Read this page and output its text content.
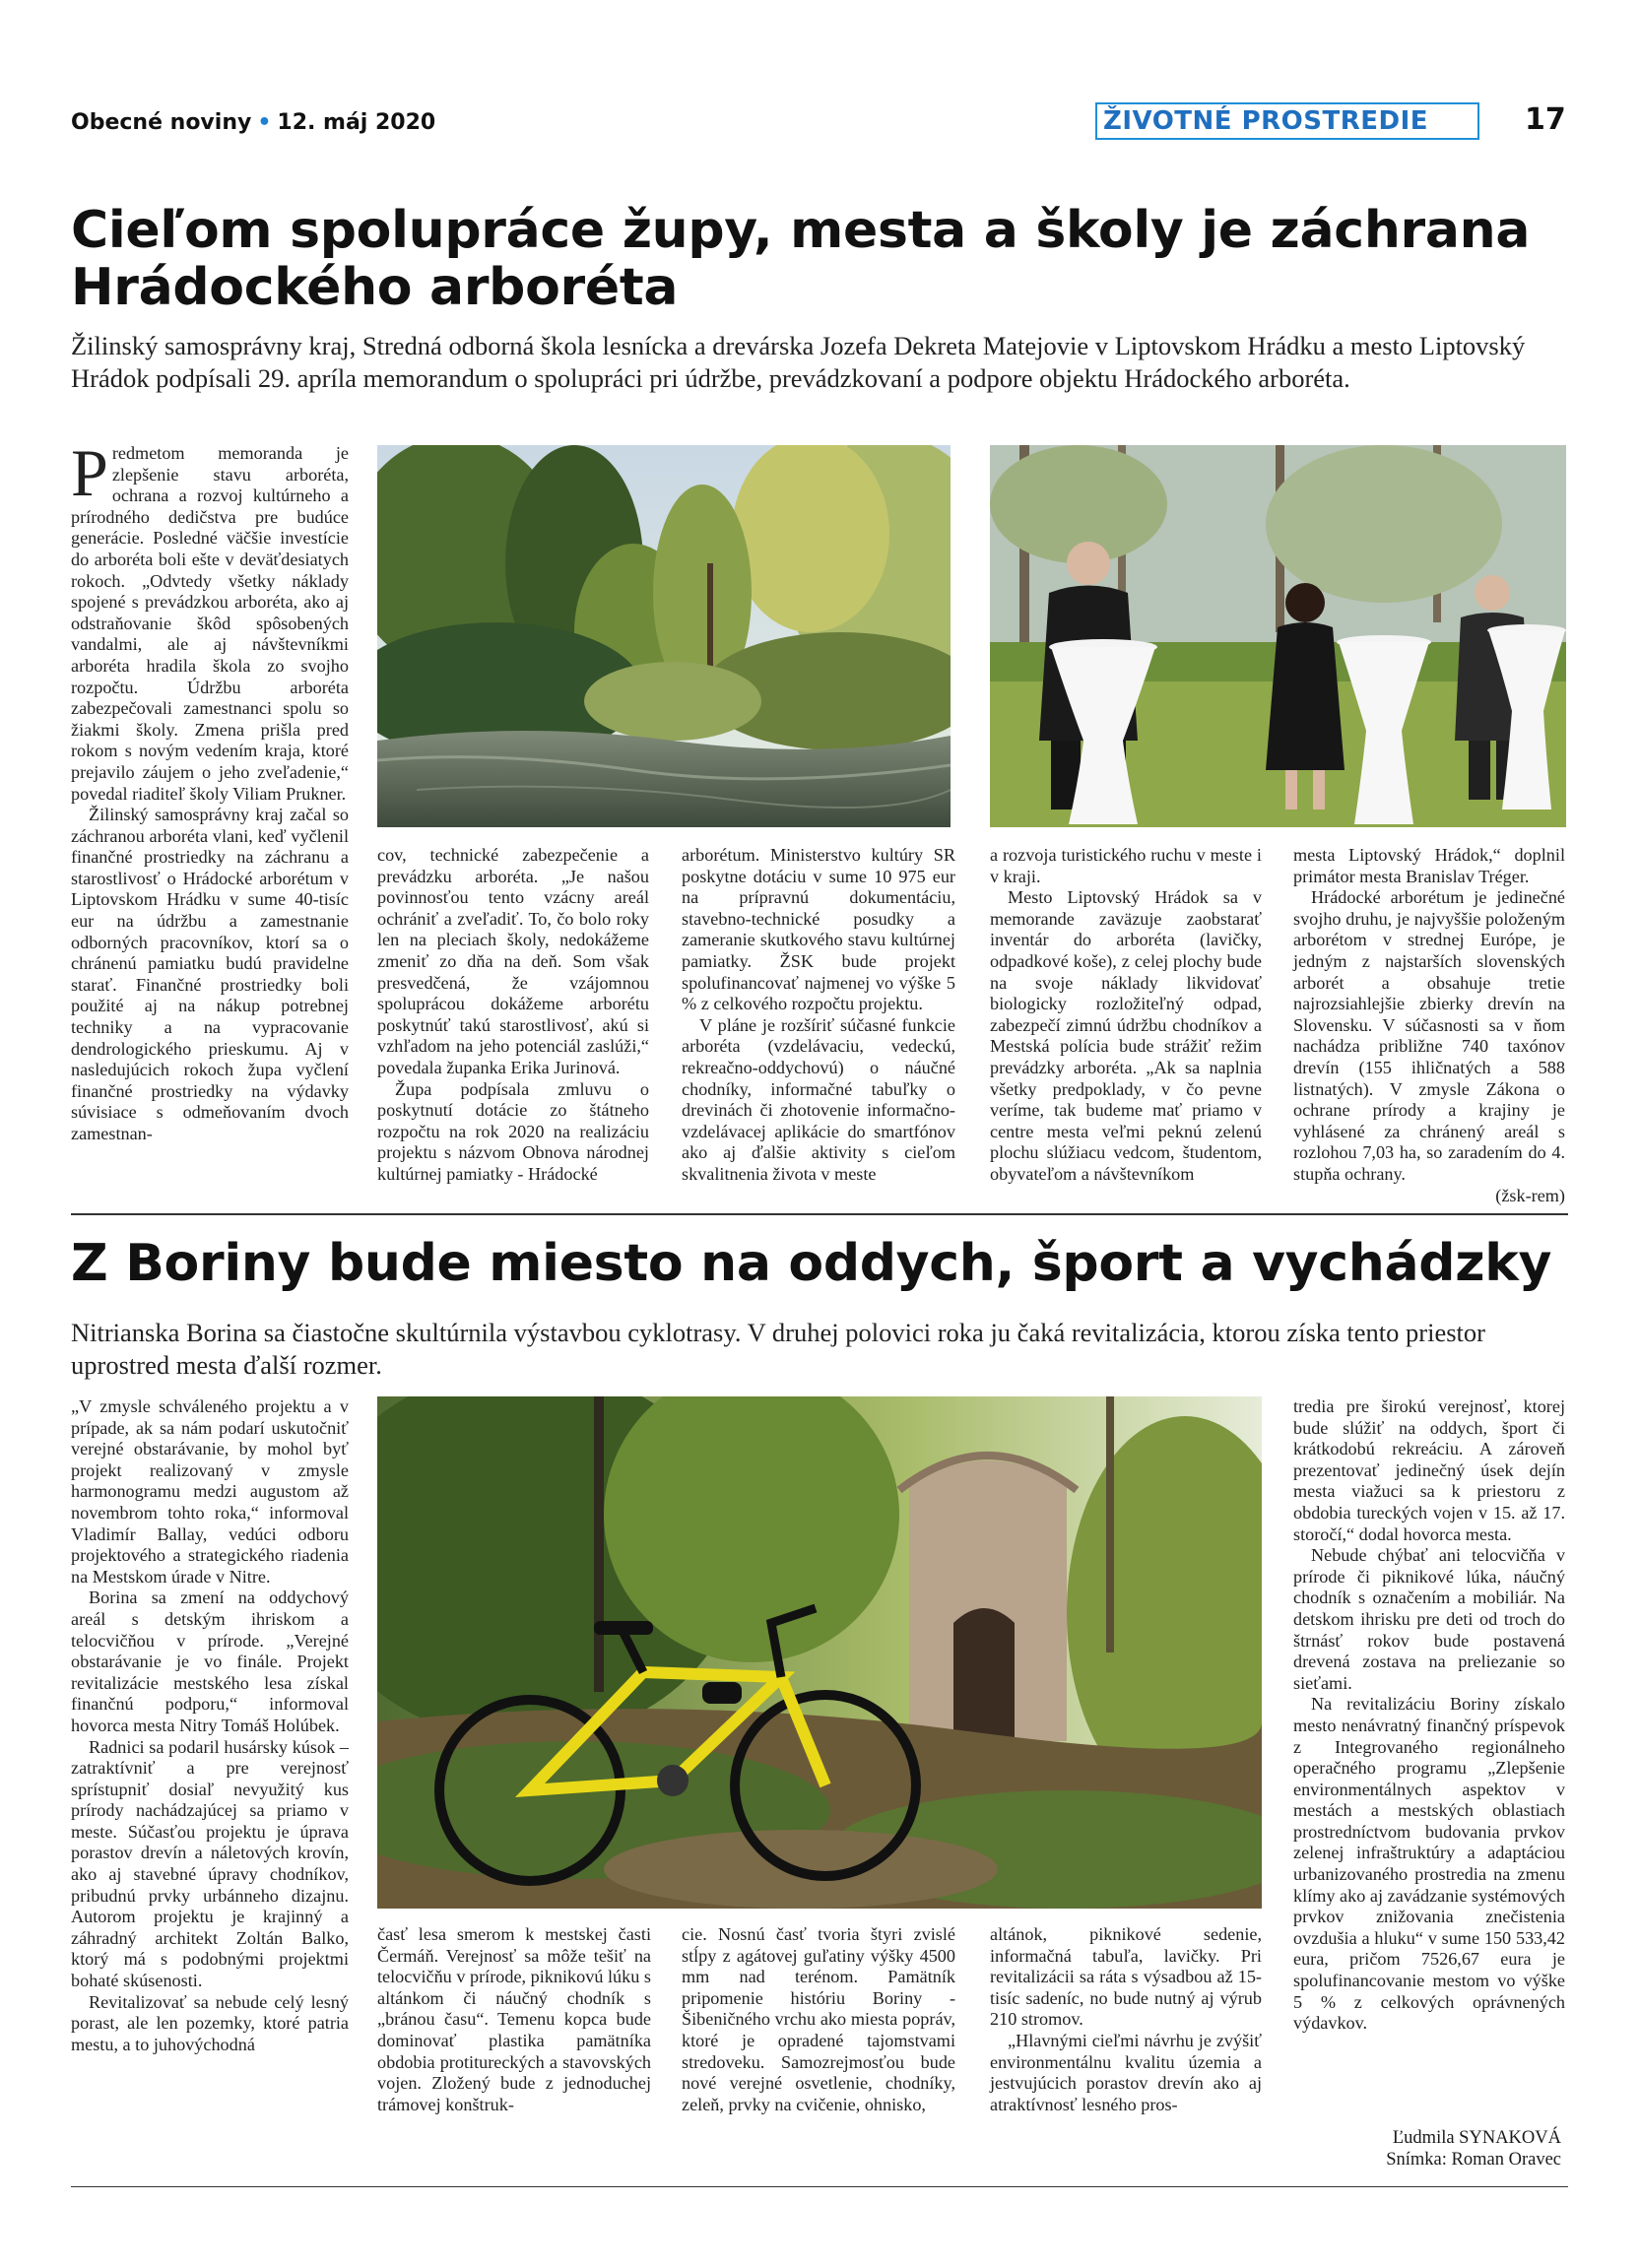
Obecné noviny • 12. máj 2020	ŽIVOTNÉ PROSTREDIE	17
Cieľom spolupráce župy, mesta a školy je záchrana
Hrádockého arboréta
Žilinský samosprávny kraj, Stredná odborná škola lesnícka a drevárska Jozefa Dekreta Matejovie v Liptovskom Hrádku a mesto Liptovský Hrádok podpísali 29. apríla memorandum o spolupráci pri údržbe, prevádzkovaní a podpore objektu Hrádockého arboréta.

Predmetom memoranda je zlepšenie stavu arboréta, ochrana a rozvoj kultúrneho a prírodného dedičstva pre budúce generácie. Posledné väčšie investície do arboréta boli ešte v deväťdesiatych rokoch. „Odvtedy všetky náklady spojené s prevádzkou arboréta, ako aj odstraňovanie škôd spôsobených vandalmi, ale aj návštevníkmi arboréta hradila škola zo svojho rozpočtu. Údržbu arboréta zabezpečovali zamestnanci spolu so žiakmi školy. Zmena prišla pred rokom s novým vedením kraja, ktoré prejavilo záujem o jeho zveľadenie,“ povedal riaditeľ školy Viliam Prukner.

Žilinský samosprávny kraj začal so záchranou arboréta vlani, keď vyčlenil finančné prostriedky na záchranu a starostlivosť o Hrádocké arborétum v Liptovskom Hrádku v sume 40-tisíc eur na údržbu a zamestnanie odborných pracovníkov, ktorí sa o chránenú pamiatku budú pravidelne starať. Finančné prostriedky boli použité aj na nákup potrebnej techniky a na vypracovanie dendrologického prieskumu. Aj v nasledujúcich rokoch župa vyčlení finančné prostriedky na výdavky súvisiace s odmeňovaním dvoch zamestnan-

cov, technické zabezpečenie a prevádzku arboréta. „Je našou povinnosťou tento vzácny areál ochrániť a zveľadiť. To, čo bolo roky len na pleciach školy, nedokážeme zmeniť zo dňa na deň. Som však presvedčená, že vzájomnou spoluprácou dokážeme arborétu poskytnúť takú starostlivosť, akú si vzhľadom na jeho potenciál zaslúži,“ povedala županka Erika Jurinová.

Župa podpísala zmluvu o poskytnutí dotácie zo štátneho rozpočtu na rok 2020 na realizáciu projektu s názvom Obnova národnej kultúrnej pamiatky - Hrádocké

arborétum. Ministerstvo kultúry SR poskytne dotáciu v sume 10 975 eur na prípravnú dokumentáciu, stavebno-technické posudky a zameranie skutkového stavu kultúrnej pamiatky. ŽSK bude projekt spolufinancovať najmenej vo výške 5 % z celkového rozpočtu projektu.

V pláne je rozšíriť súčasné funkcie arboréta (vzdelávaciu, vedeckú, rekreačno-oddychovú) o náučné chodníky, informačné tabuľky o drevinách či zhotovenie informačno-vzdelávacej aplikácie do smartfónov ako aj ďalšie aktivity s cieľom skvalitnenia života v meste

a rozvoja turistického ruchu v meste i v kraji.

Mesto Liptovský Hrádok sa v memorande zaväzuje zaobstarať inventár do arboréta (lavičky, odpadkové koše), z celej plochy bude na svoje náklady likvidovať biologicky rozložiteľný odpad, zabezpečí zimnú údržbu chodníkov a Mestská polícia bude strážiť režim prevádzky arboréta. „Ak sa naplnia všetky predpoklady, v čo pevne veríme, tak budeme mať priamo v centre mesta veľmi peknú zelenú plochu slúžiacu vedcom, študentom, obyvateľom a návštevníkom

mesta Liptovský Hrádok,“ doplnil primátor mesta Branislav Tréger.

Hrádocké arborétum je jedinečné svojho druhu, je najvyššie položeným arborétom v strednej Európe, je jedným z najstarších slovenských arborét a obsahuje tretie najrozsiahlejšie zbierky drevín na Slovensku. V súčasnosti sa v ňom nachádza približne 740 taxónov drevín (155 ihličnatých a 588 listnatých). V zmysle Zákona o ochrane prírody a krajiny je vyhlásené za chránený areál s rozlohou 7,03 ha, so zaradením do 4. stupňa ochrany.

(žsk-rem)
Z Boriny bude miesto na oddych, šport a vychádzky
Nitrianska Borina sa čiastočne skultúrnila výstavbou cyklotrasy. V druhej polovici roka ju čaká revitalizácia, ktorou získa tento priestor uprostred mesta ďalší rozmer.

„V zmysle schváleného projektu a v prípade, ak sa nám podarí uskutočniť verejné obstarávanie, by mohol byť projekt realizovaný v zmysle harmonogramu medzi augustom až novembrom tohto roka,“ informoval Vladimír Ballay, vedúci odboru projektového a strategického riadenia na Mestskom úrade v Nitre.

Borina sa zmení na oddychový areál s detským ihriskom a telocvičňou v prírode. „Verejné obstarávanie je vo finále. Projekt revitalizácie mestského lesa získal finančnú podporu,“ informoval hovorca mesta Nitry Tomáš Holúbek.

Radnici sa podaril husársky kúsok – zatraktívniť a pre verejnosť sprístupniť dosiaľ nevyužitý kus prírody nachádzajúcej sa priamo v meste. Súčasťou projektu je úprava porastov drevín a náletových krovín, ako aj stavebné úpravy chodníkov, pribudnú prvky urbánneho dizajnu. Autorom projektu je krajinný a záhradný architekt Zoltán Balko, ktorý má s podobnými projektmi bohaté skúsenosti.

Revitalizovať sa nebude celý lesný porast, ale len pozemky, ktoré patria mestu, a to juhovýchodná

časť lesa smerom k mestskej časti Čermáň. Verejnosť sa môže tešiť na telocvičňu v prírode, piknikovú lúku s altánkom či náučný chodník s „bránou času“. Temenu kopca bude dominovať plastika pamätníka obdobia protitureckých a stavovských vojen. Zložený bude z jednoduchej trámovej konštruk-

cie. Nosnú časť tvoria štyri zvislé stĺpy z agátovej guľatiny výšky 4500 mm nad terénom. Pamätník pripomenie históriu Boriny - Šibeničného vrchu ako miesta popráv, ktoré je opradené tajomstvami stredoveku. Samozrejmosťou bude nové verejné osvetlenie, chodníky, zeleň, prvky na cvičenie, ohnisko,

altánok, piknikové sedenie, informačná tabuľa, lavičky. Pri revitalizácii sa ráta s výsadbou až 15-tisíc sadeníc, no bude nutný aj výrub 210 stromov.

„Hlavnými cieľmi návrhu je zvýšiť environmentálnu kvalitu územia a jestvujúcich porastov drevín ako aj atraktívnosť lesného pros-

tredia pre širokú verejnosť, ktorej bude slúžiť na oddych, šport či krátkodobú rekreáciu. A zároveň prezentovať jedinečný úsek dejín mesta viažuci sa k priestoru z obdobia tureckých vojen v 15. až 17. storočí,“ dodal hovorca mesta.

Nebude chýbať ani telocvičňa v prírode či piknikové lúka, náučný chodník s označením a mobiliár. Na detskom ihrisku pre deti od troch do štrnásť rokov bude postavená drevená zostava na preliezanie so sieťami.

Na revitalizáciu Boriny získalo mesto nenávratný finančný príspevok z Integrovaného regionálneho operačného programu „Zlepšenie environmentálnych aspektov v mestách a mestských oblastiach prostredníctvom budovania prvkov zelenej infraštruktúry a adaptáciou urbanizovaného prostredia na zmenu klímy ako aj zavádzanie systémových prvkov znižovania znečistenia ovzdušia a hluku“ v sume 150 533,42 eura, pričom 7526,67 eura je spolufinancovanie mestom vo výške 5 % z celkových oprávnených výdavkov.

Ľudmila SYNAKOVÁ
Snímka: Roman Oravec
